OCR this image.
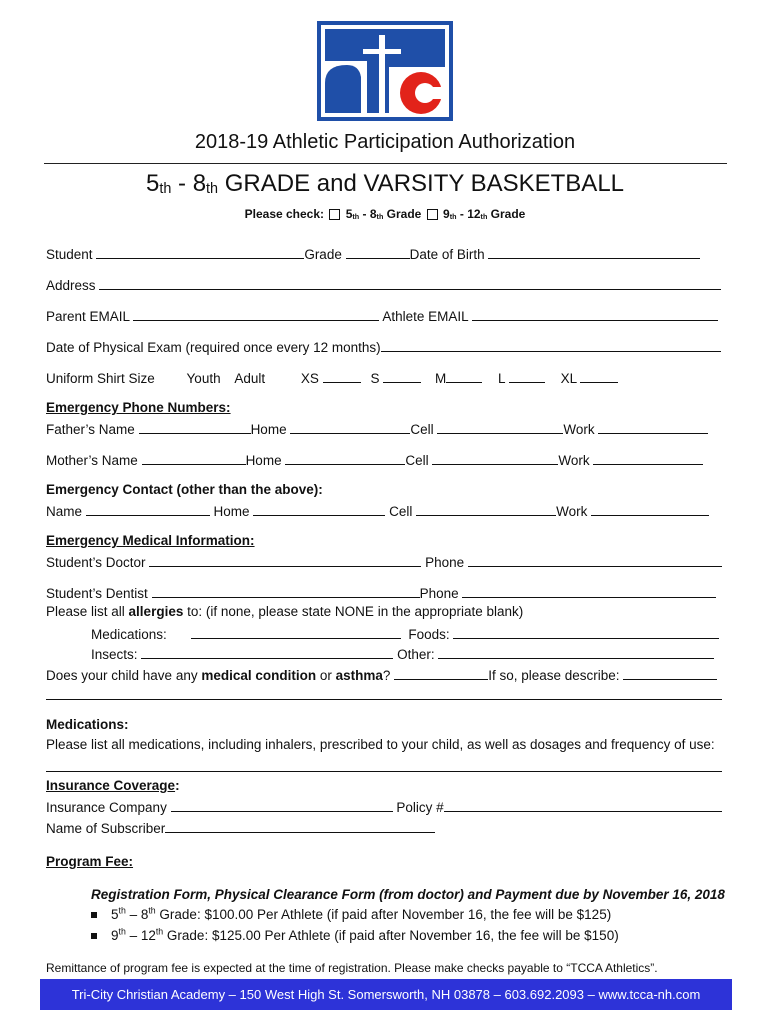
2018-19 Athletic Participation Authorization
5th - 8th GRADE and VARSITY BASKETBALL
Please check: 5th - 8th Grade 9th - 12th Grade
Student	Grade	Date of Birth
Address
Parent EMAIL	Athlete EMAIL
Date of Physical Exam (required once every 12 months)
Uniform Shirt Size Youth Adult	XS	S	M	L	XL
Emergency Phone Numbers:
Father’s Name	Home	Cell	Work
Mother’s Name	Home	Cell	Work
Emergency Contact (other than the above):
Name	Home	Cell	Work
Emergency Medical Information:
Student’s Doctor	Phone
Student’s Dentist	Phone
Please list all allergies to: (if none, please state NONE in the appropriate blank)
Medications:	Foods:
Insects:	Other:
Does your child have any medical condition or asthma?	If so, please describe:
Medications:
Please list all medications, including inhalers, prescribed to your child, as well as dosages and frequency of use:
Insurance Coverage:
Insurance Company	Policy #
Name of Subscriber
Program Fee:
Registration Form, Physical Clearance Form (from doctor) and Payment due by November 16, 2018
5th – 8th Grade: $100.00 Per Athlete (if paid after November 16, the fee will be $125)
9th – 12th Grade: $125.00 Per Athlete (if paid after November 16, the fee will be $150)
Remittance of program fee is expected at the time of registration. Please make checks payable to “TCCA Athletics”.
Tri-City Christian Academy – 150 West High St. Somersworth, NH 03878 – 603.692.2093 – www.tcca-nh.com
